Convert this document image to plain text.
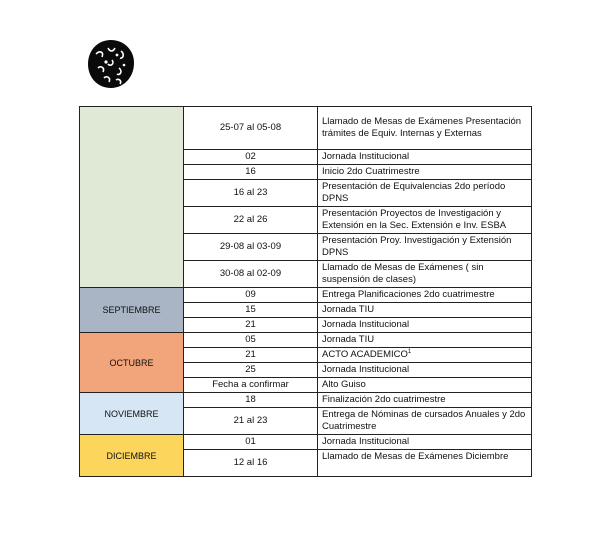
	25-07 al 05-08	Llamado de Mesas de Exámenes Presentación trámites de Equiv. Internas y Externas
	02	Jornada Institucional
	16	Inicio 2do Cuatrimestre
	16 al 23	Presentación de Equivalencias 2do período DPNS
	22 al 26	Presentación Proyectos de Investigación y Extensión en la Sec. Extensión e Inv. ESBA
	29-08 al 03-09	Presentación Proy. Investigación y Extensión DPNS
	30-08 al 02-09	Llamado de Mesas de Exámenes ( sin suspensión de clases)
SEPTIEMBRE	09	Entrega Planificaciones 2do cuatrimestre
	15	Jornada TIU
	21	Jornada Institucional
OCTUBRE	05	Jornada TIU
	21	ACTO ACADEMICO$^1$
	25	Jornada Institucional
	Fecha a confirmar	Alto Guiso
NOVIEMBRE	18	Finalización 2do cuatrimestre
	21 al 23	Entrega de Nóminas de cursados Anuales y 2do Cuatrimestre
DICIEMBRE	01	Jornada Institucional
	12 al 16	Llamado de Mesas de Exámenes Diciembre
